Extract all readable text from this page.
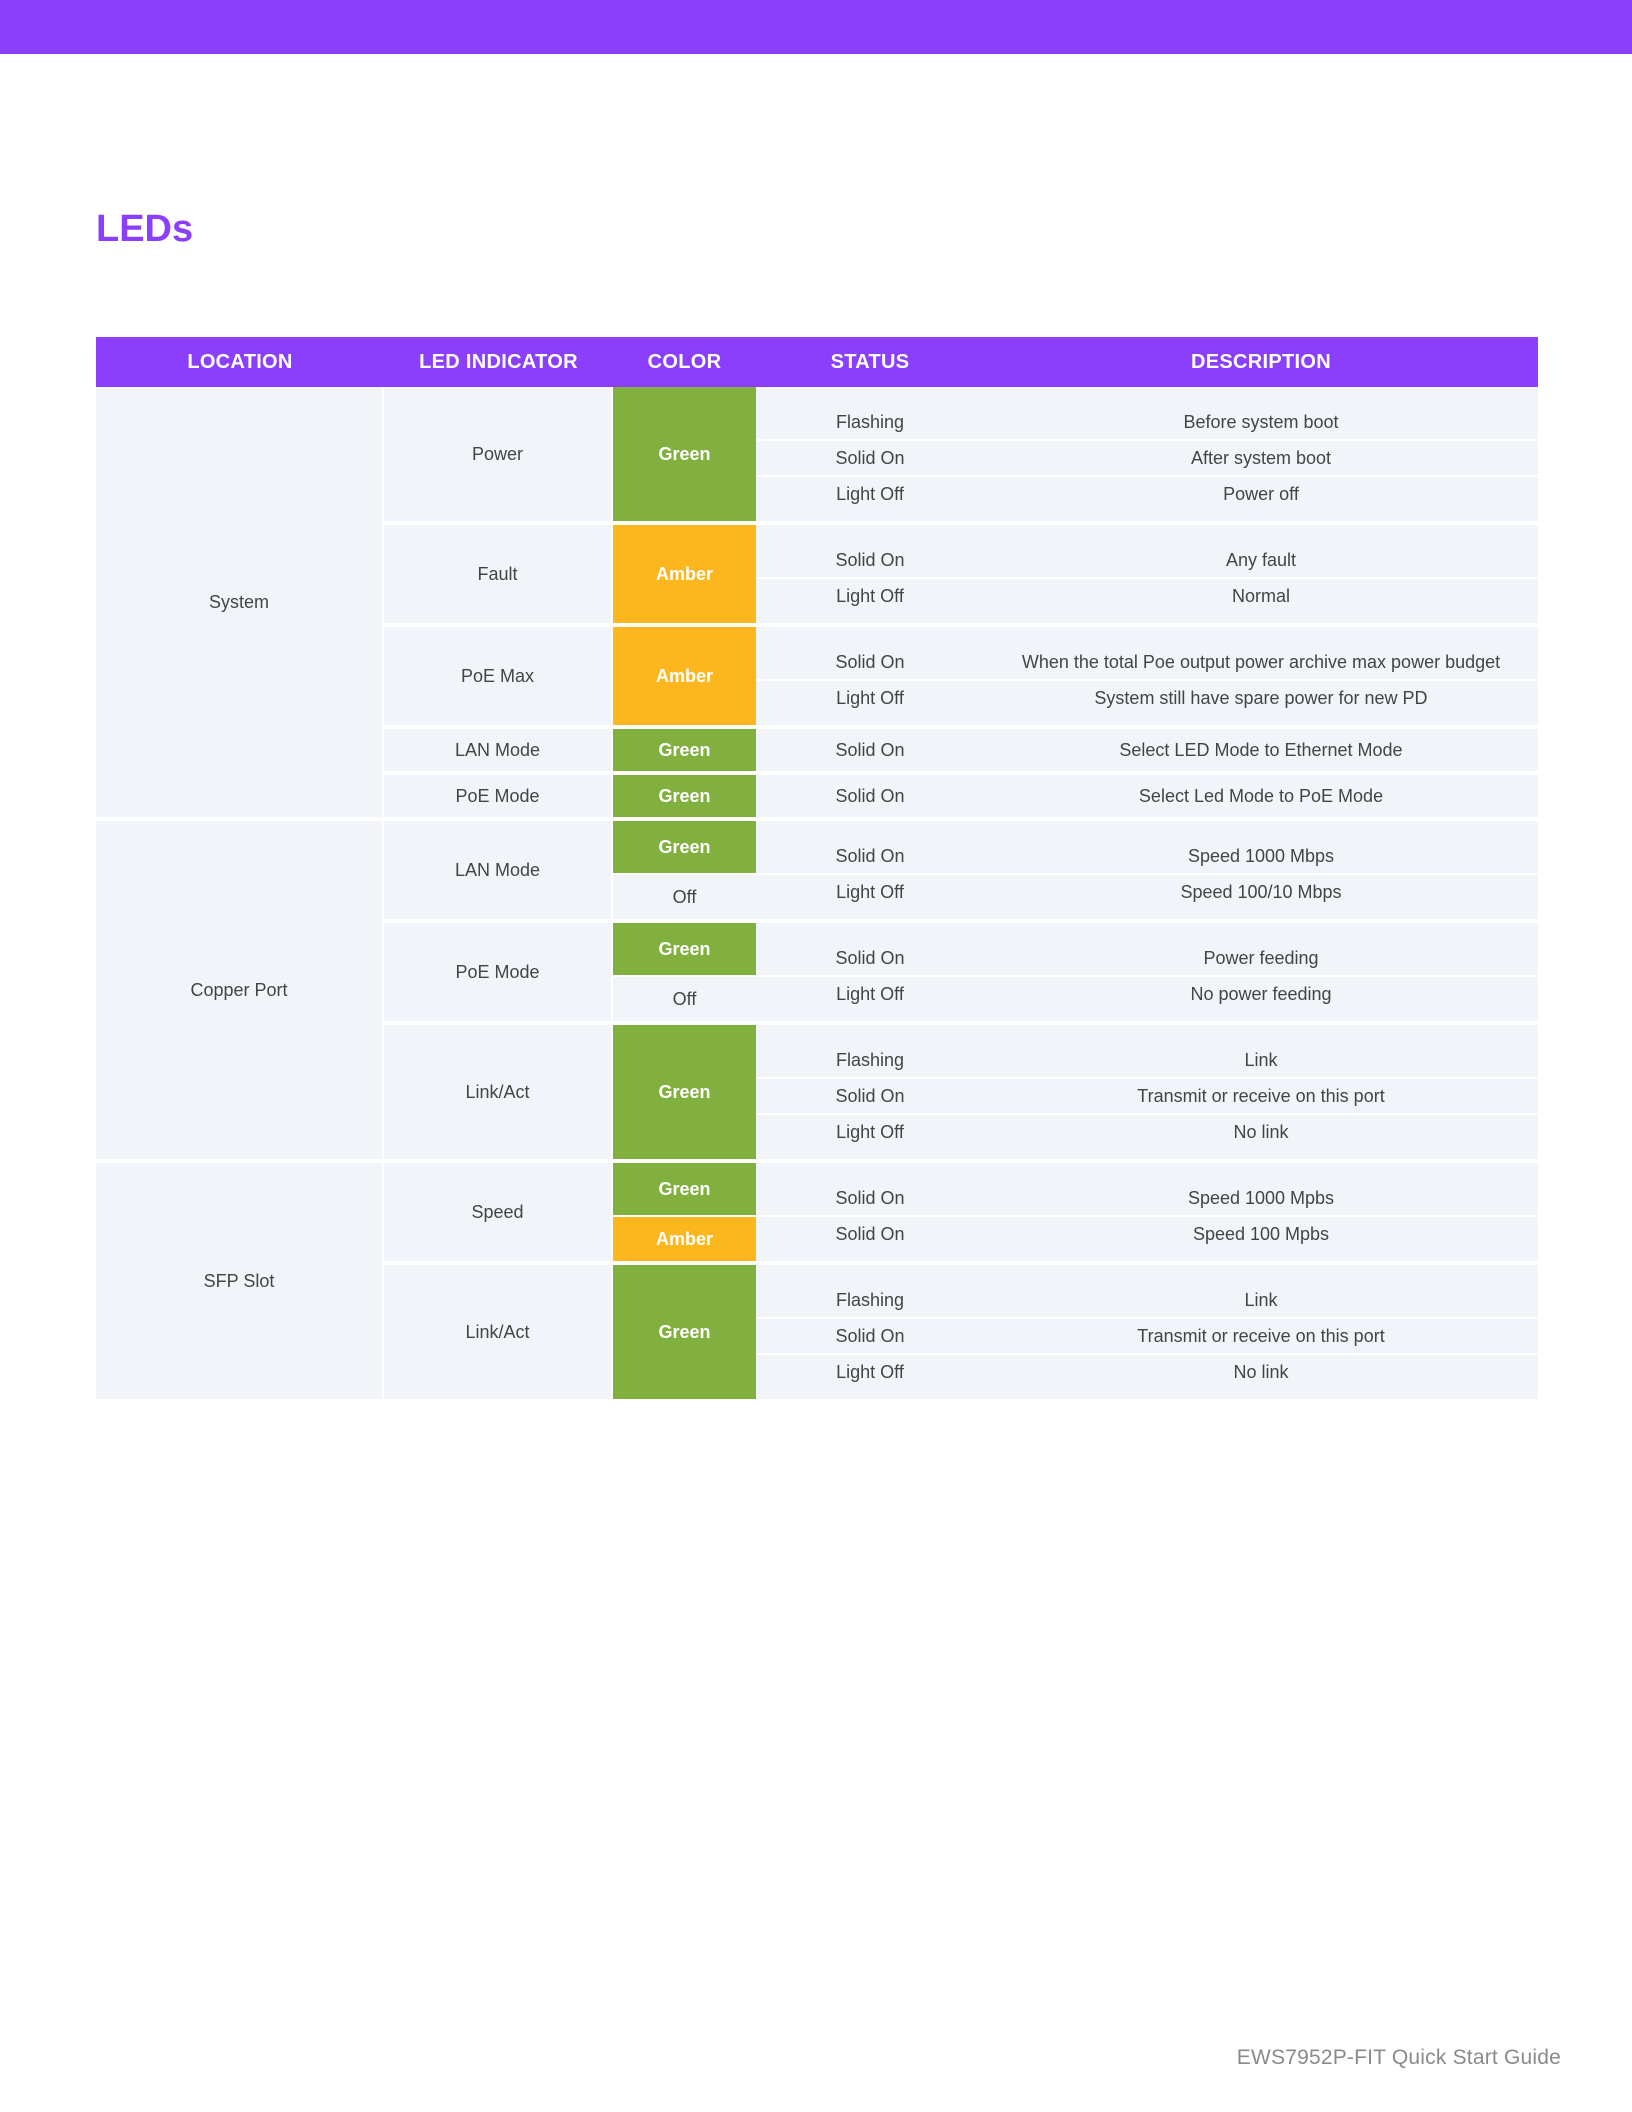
LEDs
LOCATION	LED INDICATOR	COLOR	STATUS	DESCRIPTION
System	Power	Green	Flashing	Before system boot
			Solid On	After system boot
			Light Off	Power off
	Fault	Amber	Solid On	Any fault
			Light Off	Normal
	PoE Max	Amber	Solid On	When the total Poe output power archive max power budget
			Light Off	System still have spare power for new PD
	LAN Mode	Green	Solid On	Select LED Mode to Ethernet Mode
	PoE Mode	Green	Solid On	Select Led Mode to PoE Mode
Copper Port	LAN Mode	Green	Solid On	Speed 1000 Mbps
		Off	Light Off	Speed 100/10 Mbps
	PoE Mode	Green	Solid On	Power feeding
		Off	Light Off	No power feeding
	Link/Act	Green	Flashing	Link
			Solid On	Transmit or receive on this port
			Light Off	No link
SFP Slot	Speed	Green	Solid On	Speed 1000 Mpbs
		Amber	Solid On	Speed 100 Mpbs
	Link/Act	Green	Flashing	Link
			Solid On	Transmit or receive on this port
			Light Off	No link
EWS7952P-FIT Quick Start Guide
